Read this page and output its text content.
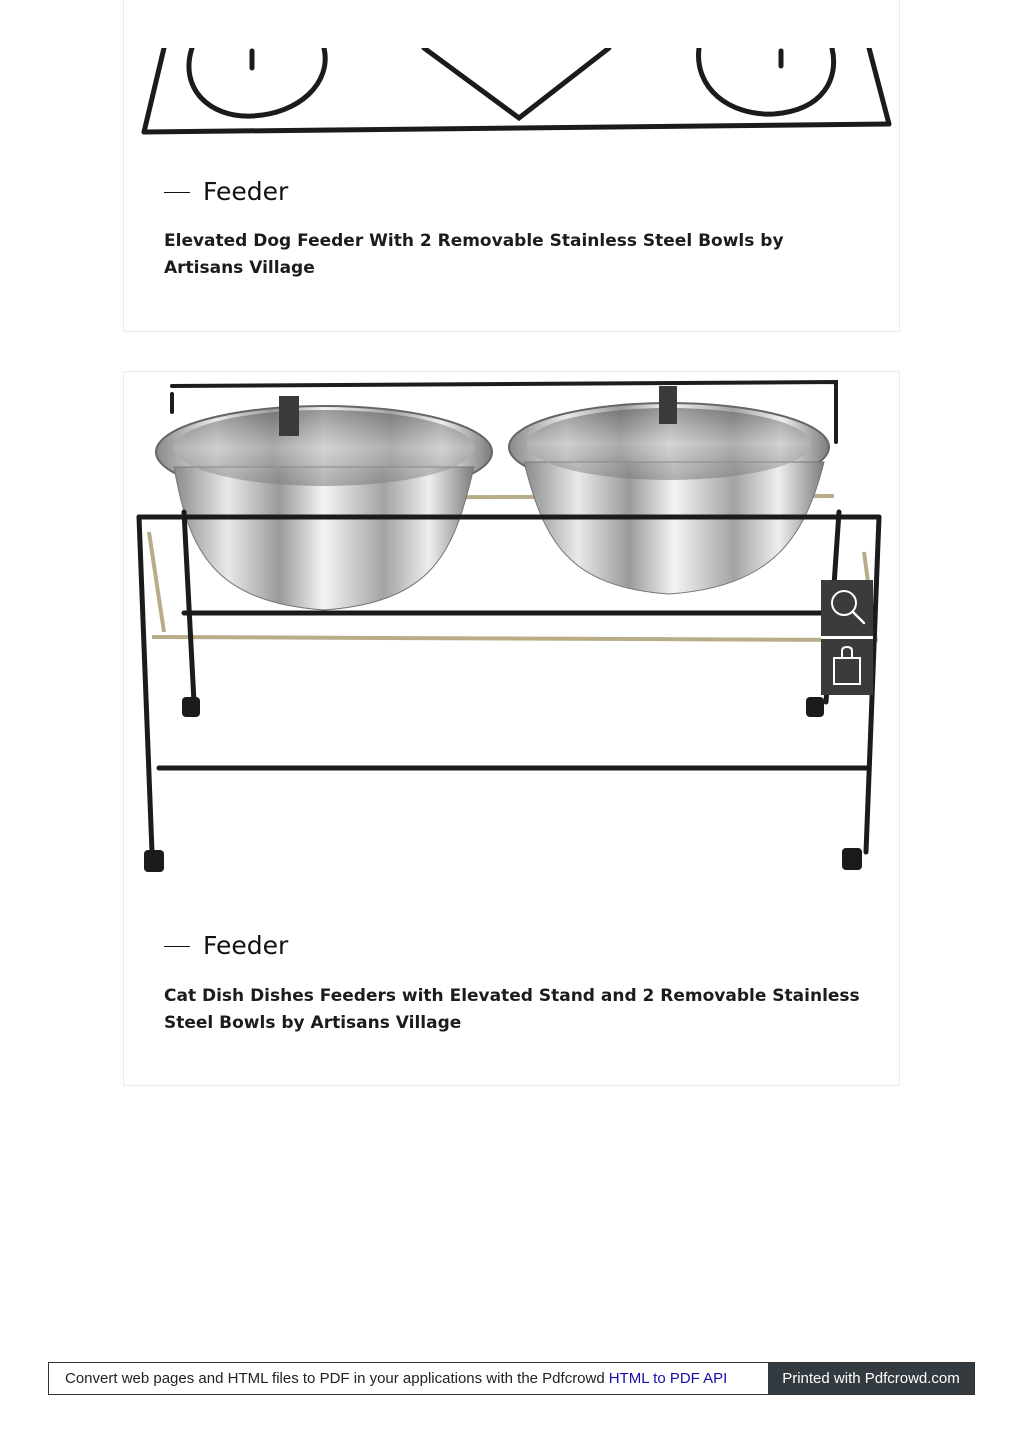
Feeder
Elevated Dog Feeder With 2 Removable Stainless Steel Bowls by Artisans Village
Feeder
Cat Dish Dishes Feeders with Elevated Stand and 2 Removable Stainless Steel Bowls by Artisans Village
Convert web pages and HTML files to PDF in your applications with the Pdfcrowd HTML to PDF API	Printed with Pdfcrowd.com
